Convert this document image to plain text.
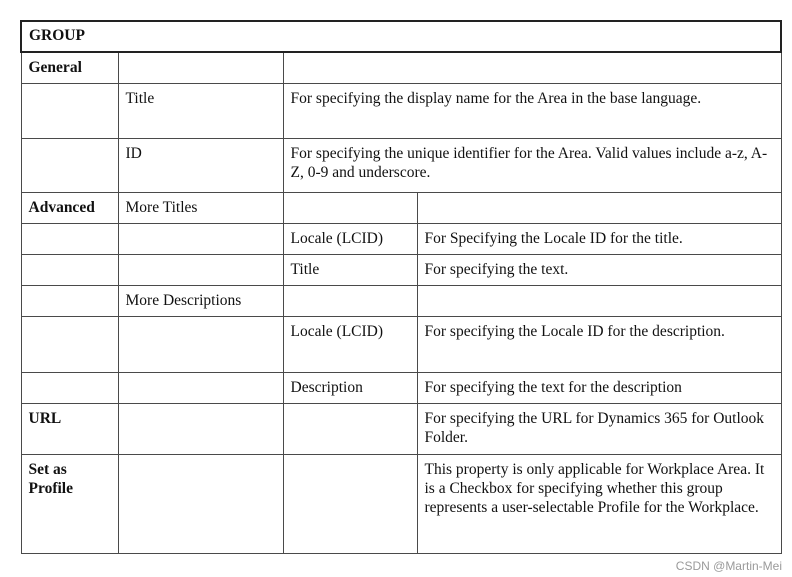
GROUP			
General			
	Title	For specifying the display name for the Area in the base language.	
	ID	For specifying the unique identifier for the Area. Valid values include a-z, A-Z, 0-9 and underscore.	
Advanced	More Titles		
		Locale (LCID)	For Specifying the Locale ID for the title.
		Title	For specifying the text.
	More Descriptions		
		Locale (LCID)	For specifying the Locale ID for the description.
		Description	For specifying the text for the description
URL			For specifying the URL for Dynamics 365 for Outlook Folder.
Set as Profile			This property is only applicable for Workplace Area. It is a Checkbox for specifying whether this group represents a user-selectable Profile for the Workplace.
CSDN @Martin-Mei
